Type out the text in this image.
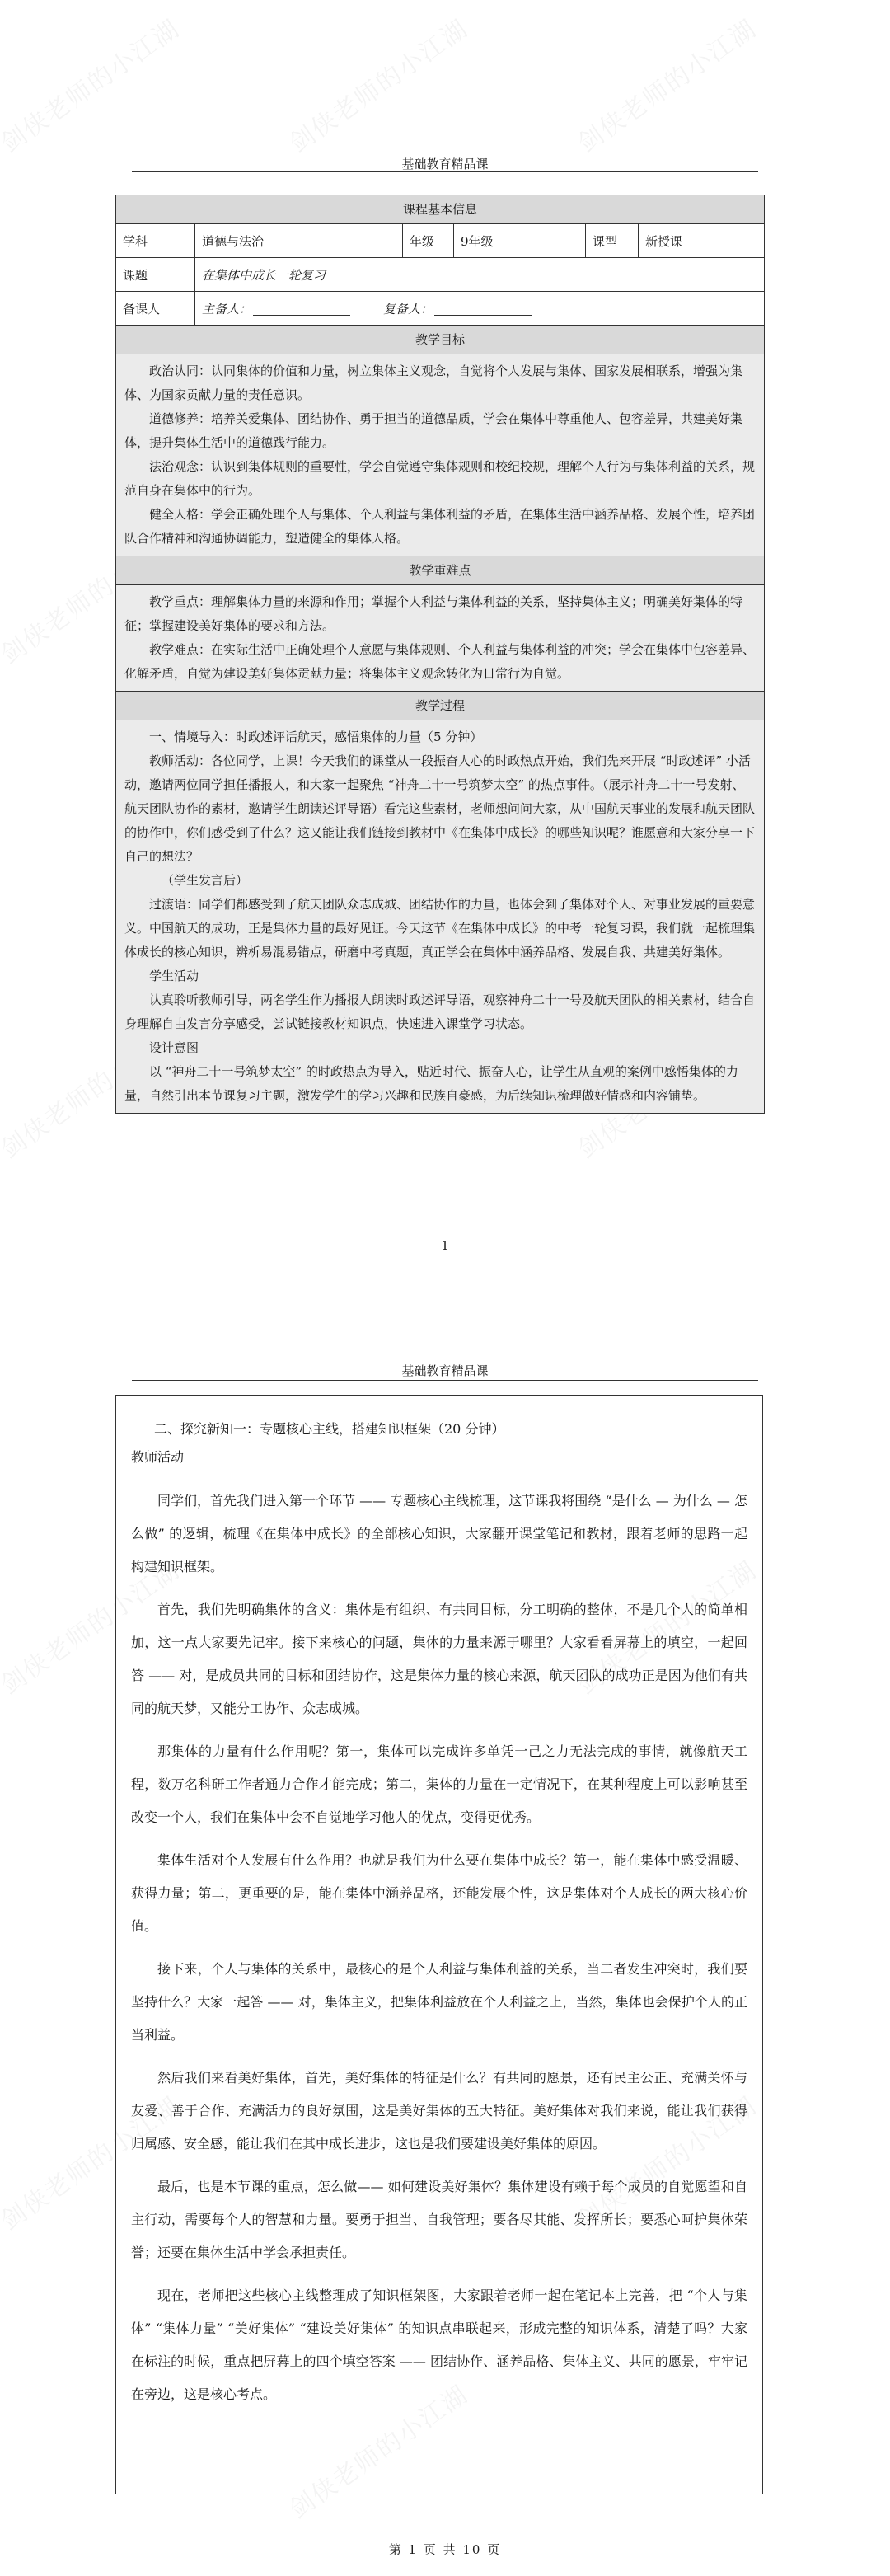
基础教育精品课
课程基本信息
学科	道德与法治	年级	9年级	课型	新授课
课题	在集体中成长一轮复习
备课人	主备人：	复备人：
教学目标

政治认同：认同集体的价值和力量，树立集体主义观念，自觉将个人发展与集体、国家发展相联系，增强为集体、为国家贡献力量的责任意识。

道德修养：培养关爱集体、团结协作、勇于担当的道德品质，学会在集体中尊重他人、包容差异，共建美好集体，提升集体生活中的道德践行能力。

法治观念：认识到集体规则的重要性，学会自觉遵守集体规则和校纪校规，理解个人行为与集体利益的关系，规范自身在集体中的行为。

健全人格：学会正确处理个人与集体、个人利益与集体利益的矛盾，在集体生活中涵养品格、发展个性，培养团队合作精神和沟通协调能力，塑造健全的集体人格。

教学重难点

教学重点：理解集体力量的来源和作用；掌握个人利益与集体利益的关系，坚持集体主义；明确美好集体的特征；掌握建设美好集体的要求和方法。

教学难点：在实际生活中正确处理个人意愿与集体规则、个人利益与集体利益的冲突；学会在集体中包容差异、化解矛盾，自觉为建设美好集体贡献力量；将集体主义观念转化为日常行为自觉。

教学过程

一、情境导入：时政述评话航天，感悟集体的力量（5 分钟）

教师活动：各位同学，上课！今天我们的课堂从一段振奋人心的时政热点开始，我们先来开展 “时政述评” 小活动，邀请两位同学担任播报人，和大家一起聚焦 “神舟二十一号筑梦太空” 的热点事件。（展示神舟二十一号发射、航天团队协作的素材，邀请学生朗读述评导语）看完这些素材，老师想问问大家，从中国航天事业的发展和航天团队的协作中，你们感受到了什么？这又能让我们链接到教材中《在集体中成长》的哪些知识呢？谁愿意和大家分享一下自己的想法？

（学生发言后）

过渡语：同学们都感受到了航天团队众志成城、团结协作的力量，也体会到了集体对个人、对事业发展的重要意义。中国航天的成功，正是集体力量的最好见证。今天这节《在集体中成长》的中考一轮复习课，我们就一起梳理集体成长的核心知识，辨析易混易错点，研磨中考真题，真正学会在集体中涵养品格、发展自我、共建美好集体。

学生活动

认真聆听教师引导，两名学生作为播报人朗读时政述评导语，观察神舟二十一号及航天团队的相关素材，结合自身理解自由发言分享感受，尝试链接教材知识点，快速进入课堂学习状态。

设计意图

以 “神舟二十一号筑梦太空” 的时政热点为导入，贴近时代、振奋人心，让学生从直观的案例中感悟集体的力量，自然引出本节课复习主题，激发学生的学习兴趣和民族自豪感，为后续知识梳理做好情感和内容铺垫。

1
基础教育精品课

二、探究新知一：专题核心主线，搭建知识框架（20 分钟）

教师活动

同学们，首先我们进入第一个环节 —— 专题核心主线梳理，这节课我将围绕 “是什么 — 为什么 — 怎么做” 的逻辑，梳理《在集体中成长》的全部核心知识，大家翻开课堂笔记和教材，跟着老师的思路一起构建知识框架。

首先，我们先明确集体的含义：集体是有组织、有共同目标，分工明确的整体，不是几个人的简单相加，这一点大家要先记牢。接下来核心的问题，集体的力量来源于哪里？大家看看屏幕上的填空，一起回答 —— 对，是成员共同的目标和团结协作，这是集体力量的核心来源，航天团队的成功正是因为他们有共同的航天梦，又能分工协作、众志成城。

那集体的力量有什么作用呢？第一，集体可以完成许多单凭一己之力无法完成的事情，就像航天工程，数万名科研工作者通力合作才能完成；第二，集体的力量在一定情况下，在某种程度上可以影响甚至改变一个人，我们在集体中会不自觉地学习他人的优点，变得更优秀。

集体生活对个人发展有什么作用？也就是我们为什么要在集体中成长？第一，能在集体中感受温暖、获得力量；第二，更重要的是，能在集体中涵养品格，还能发展个性，这是集体对个人成长的两大核心价值。

接下来，个人与集体的关系中，最核心的是个人利益与集体利益的关系，当二者发生冲突时，我们要坚持什么？大家一起答 —— 对，集体主义，把集体利益放在个人利益之上，当然，集体也会保护个人的正当利益。

然后我们来看美好集体，首先，美好集体的特征是什么？有共同的愿景，还有民主公正、充满关怀与友爱、善于合作、充满活力的良好氛围，这是美好集体的五大特征。美好集体对我们来说，能让我们获得归属感、安全感，能让我们在其中成长进步，这也是我们要建设美好集体的原因。

最后，也是本节课的重点，怎么做—— 如何建设美好集体？集体建设有赖于每个成员的自觉愿望和自主行动，需要每个人的智慧和力量。要勇于担当、自我管理；要各尽其能、发挥所长；要悉心呵护集体荣誉；还要在集体生活中学会承担责任。

现在，老师把这些核心主线整理成了知识框架图，大家跟着老师一起在笔记本上完善，把 “个人与集体” “集体力量” “美好集体” “建设美好集体” 的知识点串联起来，形成完整的知识体系，清楚了吗？大家在标注的时候，重点把屏幕上的四个填空答案 —— 团结协作、涵养品格、集体主义、共同的愿景，牢牢记在旁边，这是核心考点。

第 1 页 共 10 页
